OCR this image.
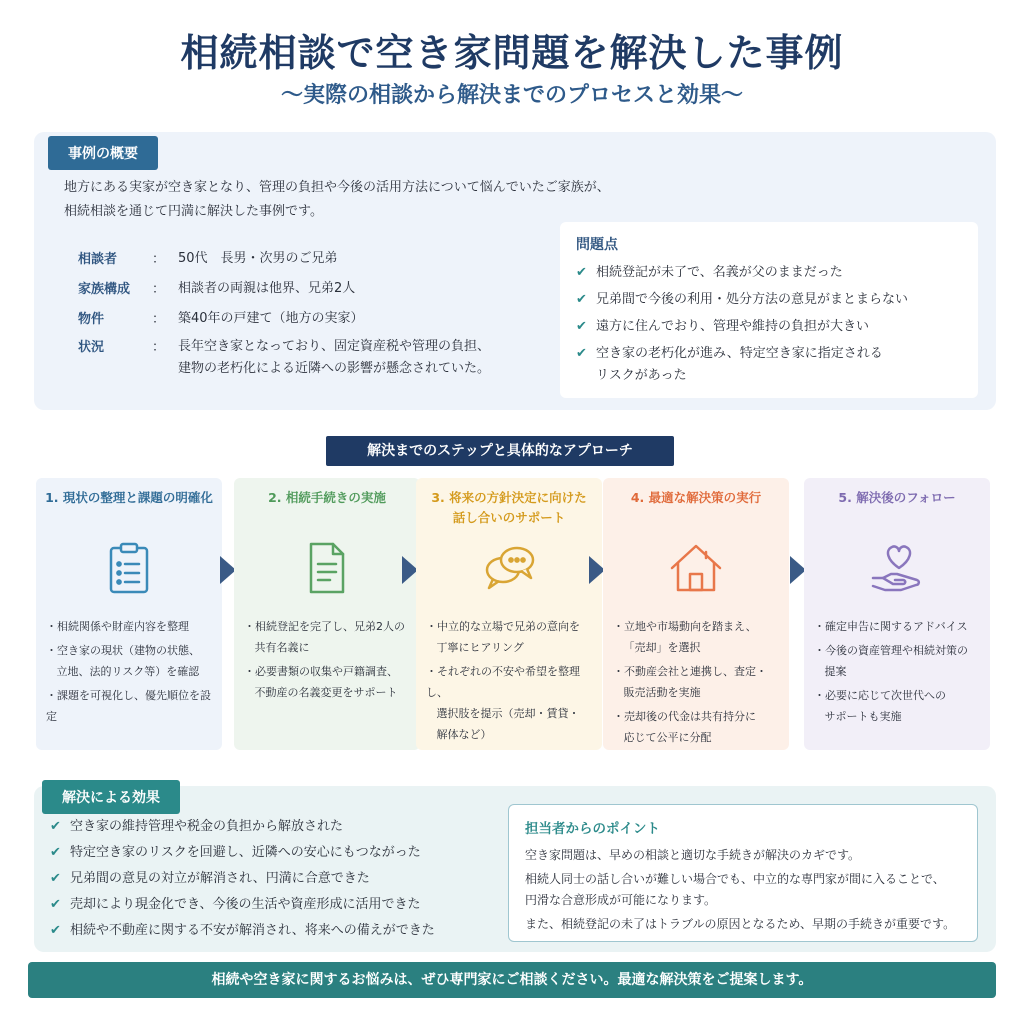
相続相談で空き家問題を解決した事例
〜実際の相談から解決までのプロセスと効果〜
事例の概要
地方にある実家が空き家となり、管理の負担や今後の活用方法について悩んでいたご家族が、
相続相談を通じて円満に解決した事例です。
相談者	： 50代　長男・次男のご兄弟
家族構成	： 相談者の両親は他界、兄弟2人
物件	： 築40年の戸建て（地方の実家）
状況	： 長年空き家となっており、固定資産税や管理の負担、
建物の老朽化による近隣への影響が懸念されていた。
問題点
✔ 相続登記が未了で、名義が父のままだった
✔ 兄弟間で今後の利用・処分方法の意見がまとまらない
✔ 遠方に住んでおり、管理や維持の負担が大きい
✔ 空き家の老朽化が進み、特定空き家に指定される
リスクがあった
解決までのステップと具体的なアプローチ
1. 現状の整理と課題の明確化
・ 相続関係や財産内容を整理
・ 空き家の現状（建物の状態、
立地、法的リスク等）を確認
・ 課題を可視化し、優先順位を設定
2. 相続手続きの実施
・ 相続登記を完了し、兄弟2人の
共有名義に
・ 必要書類の収集や戸籍調査、
不動産の名義変更をサポート
3. 将来の方針決定に向けた
話し合いのサポート
・ 中立的な立場で兄弟の意向を
丁寧にヒアリング
・ それぞれの不安や希望を整理し、
選択肢を提示（売却・賃貸・
解体など）
4. 最適な解決策の実行
・ 立地や市場動向を踏まえ、
「売却」を選択
・ 不動産会社と連携し、査定・
販売活動を実施
・ 売却後の代金は共有持分に
応じて公平に分配
5. 解決後のフォロー
・ 確定申告に関するアドバイス
・ 今後の資産管理や相続対策の
提案
・ 必要に応じて次世代への
サポートも実施
解決による効果
✔ 空き家の維持管理や税金の負担から解放された
✔ 特定空き家のリスクを回避し、近隣への安心にもつながった
✔ 兄弟間の意見の対立が解消され、円満に合意できた
✔ 売却により現金化でき、今後の生活や資産形成に活用できた
✔ 相続や不動産に関する不安が解消され、将来への備えができた
担当者からのポイント

空き家問題は、早めの相談と適切な手続きが解決のカギです。

相続人同士の話し合いが難しい場合でも、中立的な専門家が間に入ることで、
円滑な合意形成が可能になります。

また、相続登記の未了はトラブルの原因となるため、早期の手続きが重要です。

相続や空き家に関するお悩みは、ぜひ専門家にご相談ください。最適な解決策をご提案します。
